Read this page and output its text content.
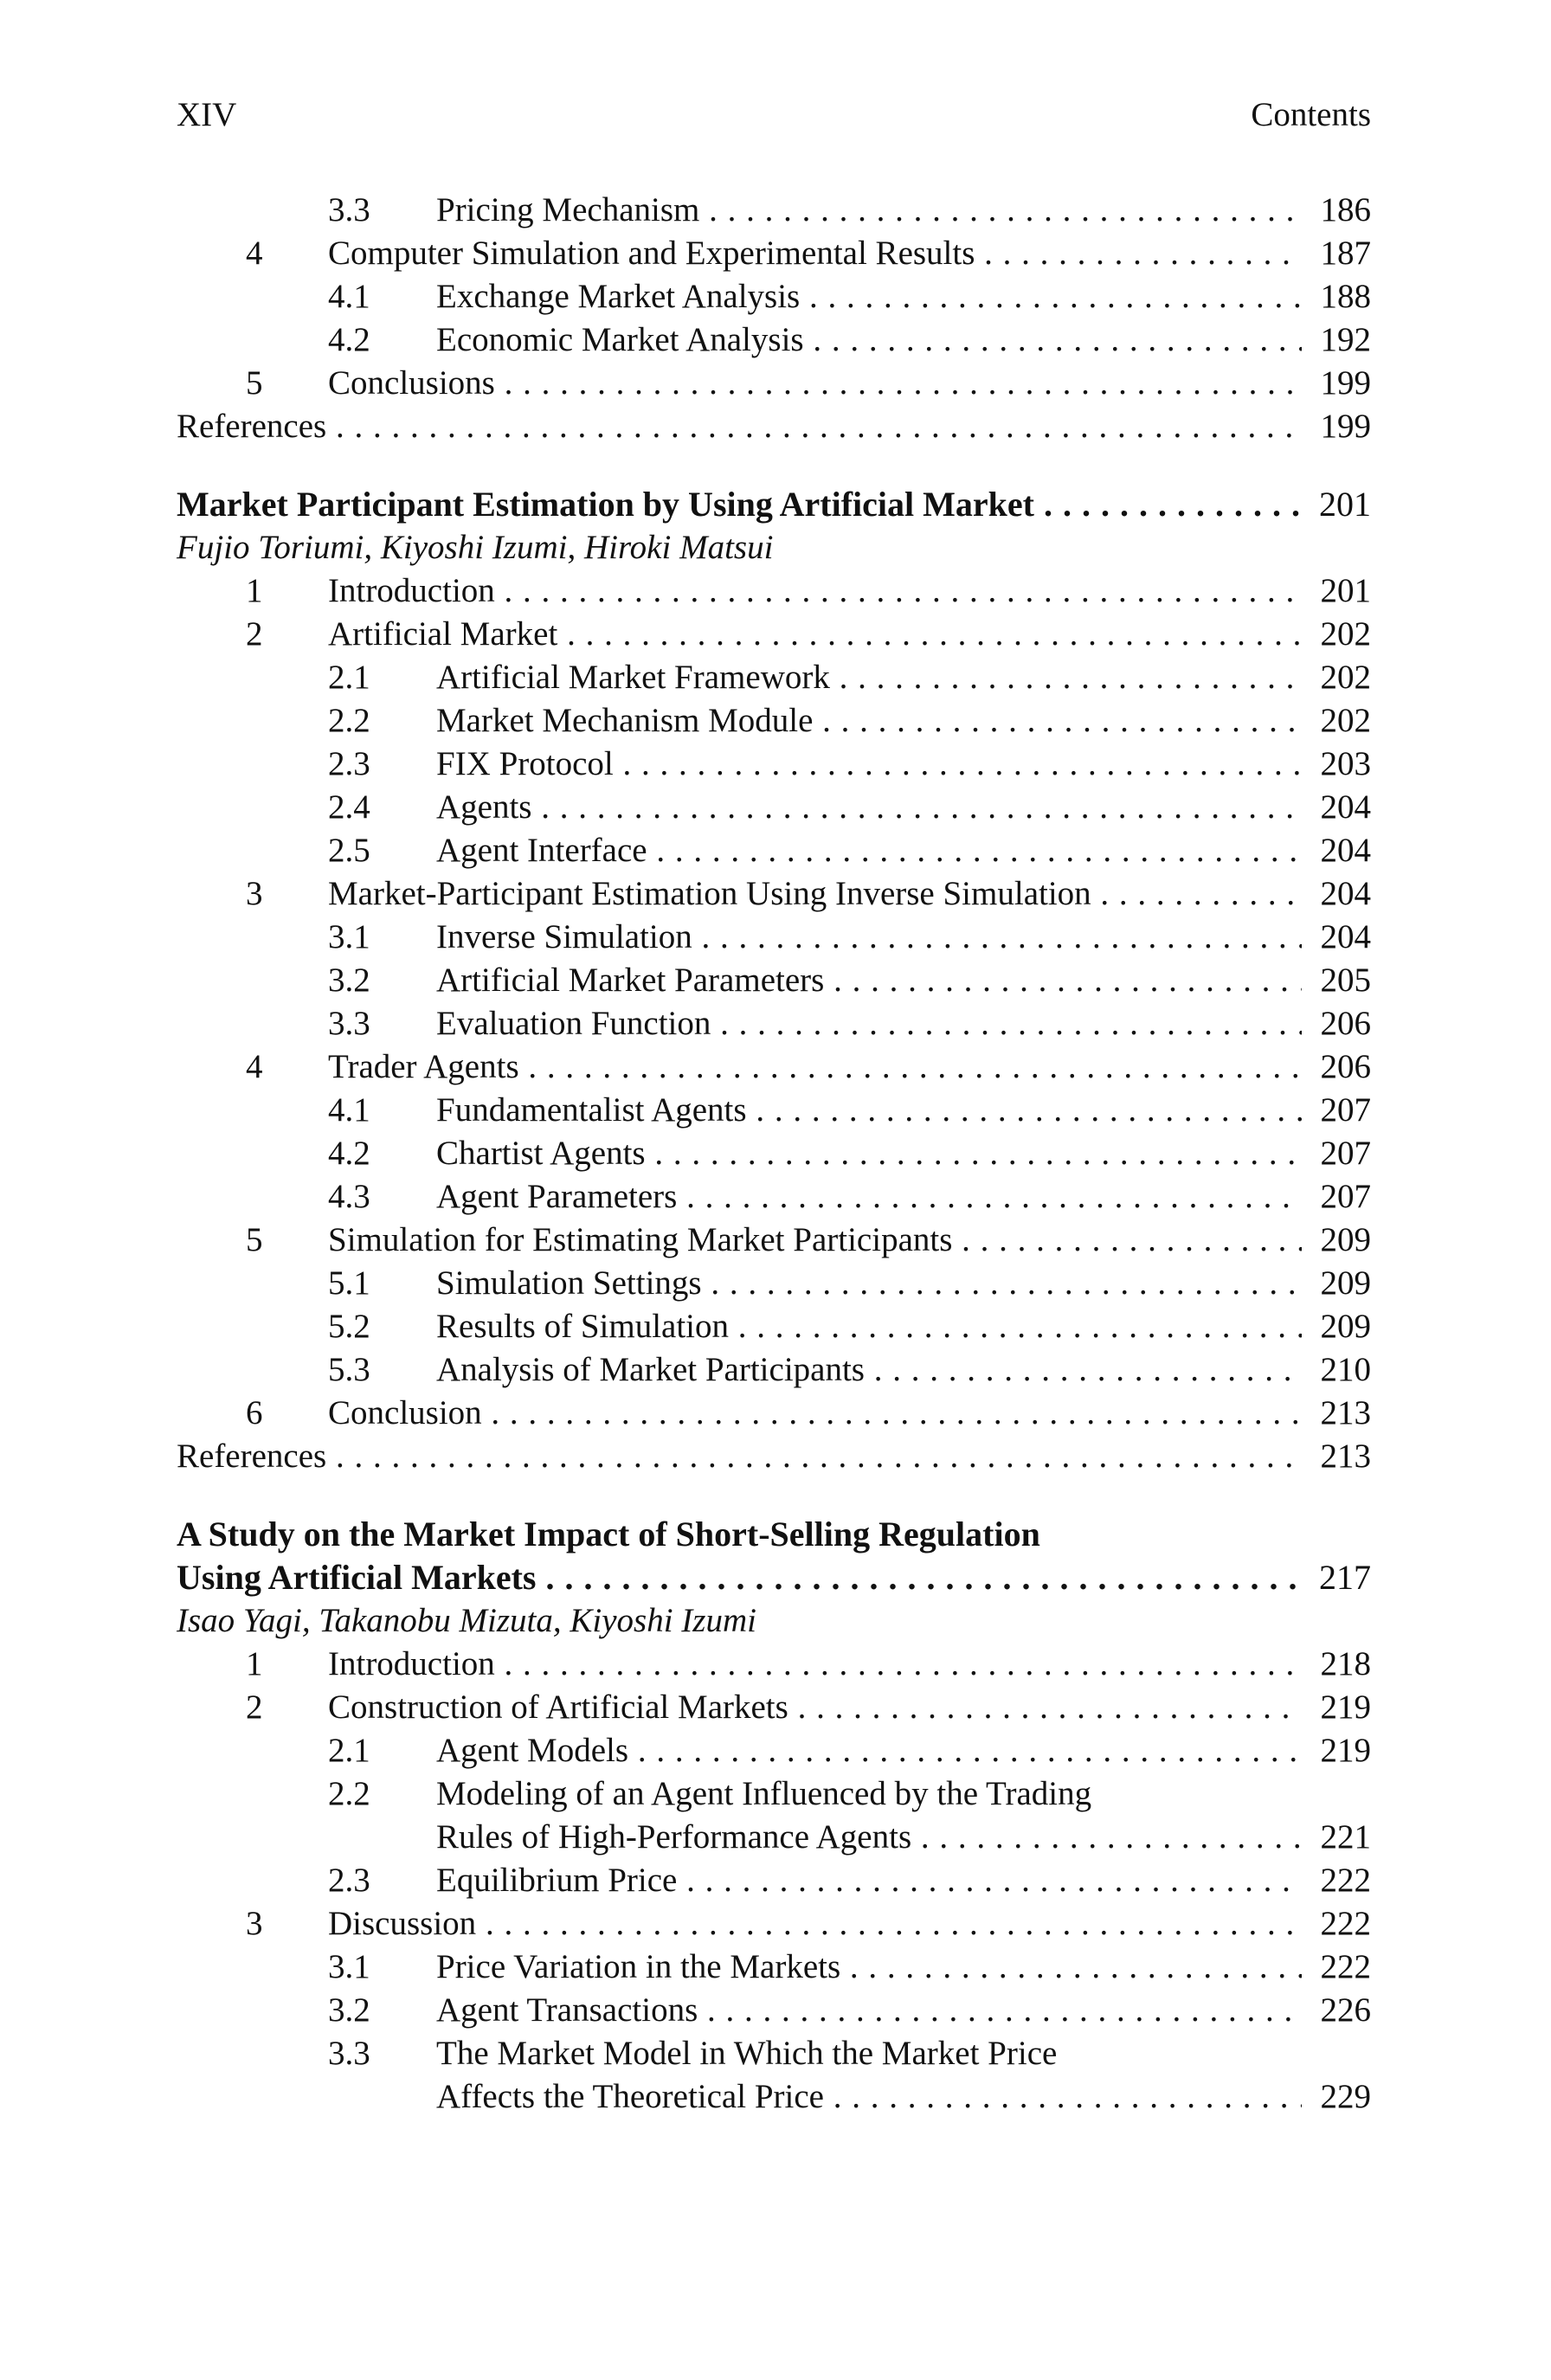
XIV	Contents
3.3 Pricing Mechanism . . .	186
4 Computer Simulation and Experimental Results . . .	187
4.1 Exchange Market Analysis . . .	188
4.2 Economic Market Analysis . . .	192
5 Conclusions . . .	199
References . . .	199
Market Participant Estimation by Using Artificial Market . . .	201
Fujio Toriumi, Kiyoshi Izumi, Hiroki Matsui
1 Introduction . . .	201
2 Artificial Market . . .	202
2.1 Artificial Market Framework . . .	202
2.2 Market Mechanism Module . . .	202
2.3 FIX Protocol . . .	203
2.4 Agents . . .	204
2.5 Agent Interface . . .	204
3 Market-Participant Estimation Using Inverse Simulation . . .	204
3.1 Inverse Simulation . . .	204
3.2 Artificial Market Parameters . . .	205
3.3 Evaluation Function . . .	206
4 Trader Agents . . .	206
4.1 Fundamentalist Agents . . .	207
4.2 Chartist Agents . . .	207
4.3 Agent Parameters . . .	207
5 Simulation for Estimating Market Participants . . .	209
5.1 Simulation Settings . . .	209
5.2 Results of Simulation . . .	209
5.3 Analysis of Market Participants . . .	210
6 Conclusion . . .	213
References . . .	213
A Study on the Market Impact of Short-Selling Regulation
Using Artificial Markets . . .	217
Isao Yagi, Takanobu Mizuta, Kiyoshi Izumi
1 Introduction . . .	218
2 Construction of Artificial Markets . . .	219
2.1 Agent Models . . .	219
2.2 Modeling of an Agent Influenced by the Trading
Rules of High-Performance Agents . . .	221
2.3 Equilibrium Price . . .	222
3 Discussion . . .	222
3.1 Price Variation in the Markets . . .	222
3.2 Agent Transactions . . .	226
3.3 The Market Model in Which the Market Price
Affects the Theoretical Price . . .	229
